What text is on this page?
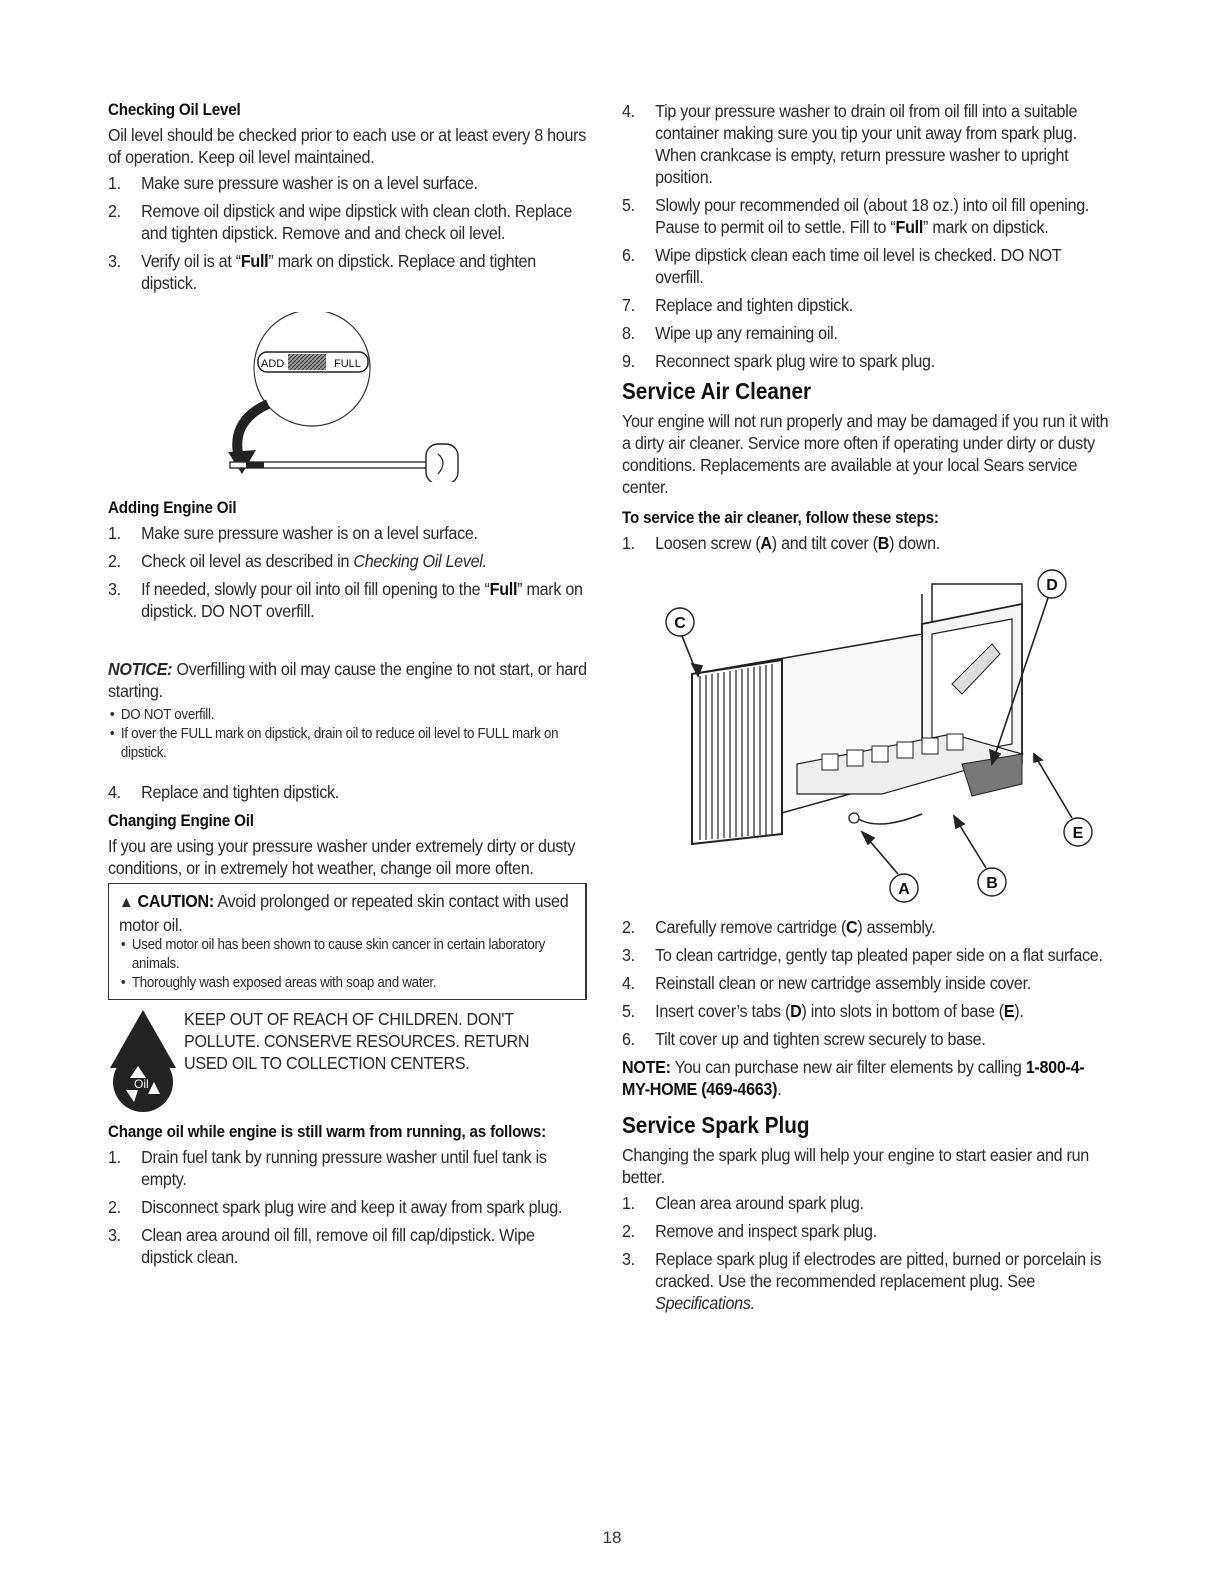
Checking Oil Level

Oil level should be checked prior to each use or at least every 8 hours of operation. Keep oil level maintained.

1. Make sure pressure washer is on a level surface.
2. Remove oil dipstick and wipe dipstick with clean cloth. Replace and tighten dipstick. Remove and and check oil level.
3. Verify oil is at “Full” mark on dipstick. Replace and tighten dipstick.
ADD	FULL
Adding Engine Oil
1. Make sure pressure washer is on a level surface.
2. Check oil level as described in Checking Oil Level.
3. If needed, slowly pour oil into oil fill opening to the “Full” mark on dipstick. DO NOT overfill.

NOTICE: Overfilling with oil may cause the engine to not start, or hard starting.

• DO NOT overfill.
• If over the FULL mark on dipstick, drain oil to reduce oil level to FULL mark on dipstick.
4. Replace and tighten dipstick.
Changing Engine Oil

If you are using your pressure washer under extremely dirty or dusty conditions, or in extremely hot weather, change oil more often.

▲ CAUTION: Avoid prolonged or repeated skin contact with used motor oil.
• Used motor oil has been shown to cause skin cancer in certain laboratory animals.
• Thoroughly wash exposed areas with soap and water.
Oil
KEEP OUT OF REACH OF CHILDREN. DON'T POLLUTE. CONSERVE RESOURCES. RETURN USED OIL TO COLLECTION CENTERS.
Change oil while engine is still warm from running, as follows:
1. Drain fuel tank by running pressure washer until fuel tank is empty.
2. Disconnect spark plug wire and keep it away from spark plug.
3. Clean area around oil fill, remove oil fill cap/dipstick. Wipe dipstick clean.
4. Tip your pressure washer to drain oil from oil fill into a suitable container making sure you tip your unit away from spark plug. When crankcase is empty, return pressure washer to upright position.
5. Slowly pour recommended oil (about 18 oz.) into oil fill opening. Pause to permit oil to settle. Fill to “Full” mark on dipstick.
6. Wipe dipstick clean each time oil level is checked. DO NOT overfill.
7. Replace and tighten dipstick.
8. Wipe up any remaining oil.
9. Reconnect spark plug wire to spark plug.
Service Air Cleaner

Your engine will not run properly and may be damaged if you run it with a dirty air cleaner. Service more often if operating under dirty or dusty conditions. Replacements are available at your local Sears service center.

To service the air cleaner, follow these steps:
1. Loosen screw (A) and tilt cover (B) down.
C
D
E
A	B
2. Carefully remove cartridge (C) assembly.
3. To clean cartridge, gently tap pleated paper side on a flat surface.
4. Reinstall clean or new cartridge assembly inside cover.
5. Insert cover’s tabs (D) into slots in bottom of base (E).
6. Tilt cover up and tighten screw securely to base.

NOTE: You can purchase new air filter elements by calling 1-800-4-MY-HOME (469-4663).

Service Spark Plug

Changing the spark plug will help your engine to start easier and run better.

1. Clean area around spark plug.
2. Remove and inspect spark plug.
3. Replace spark plug if electrodes are pitted, burned or porcelain is cracked. Use the recommended replacement plug. See Specifications.
18
